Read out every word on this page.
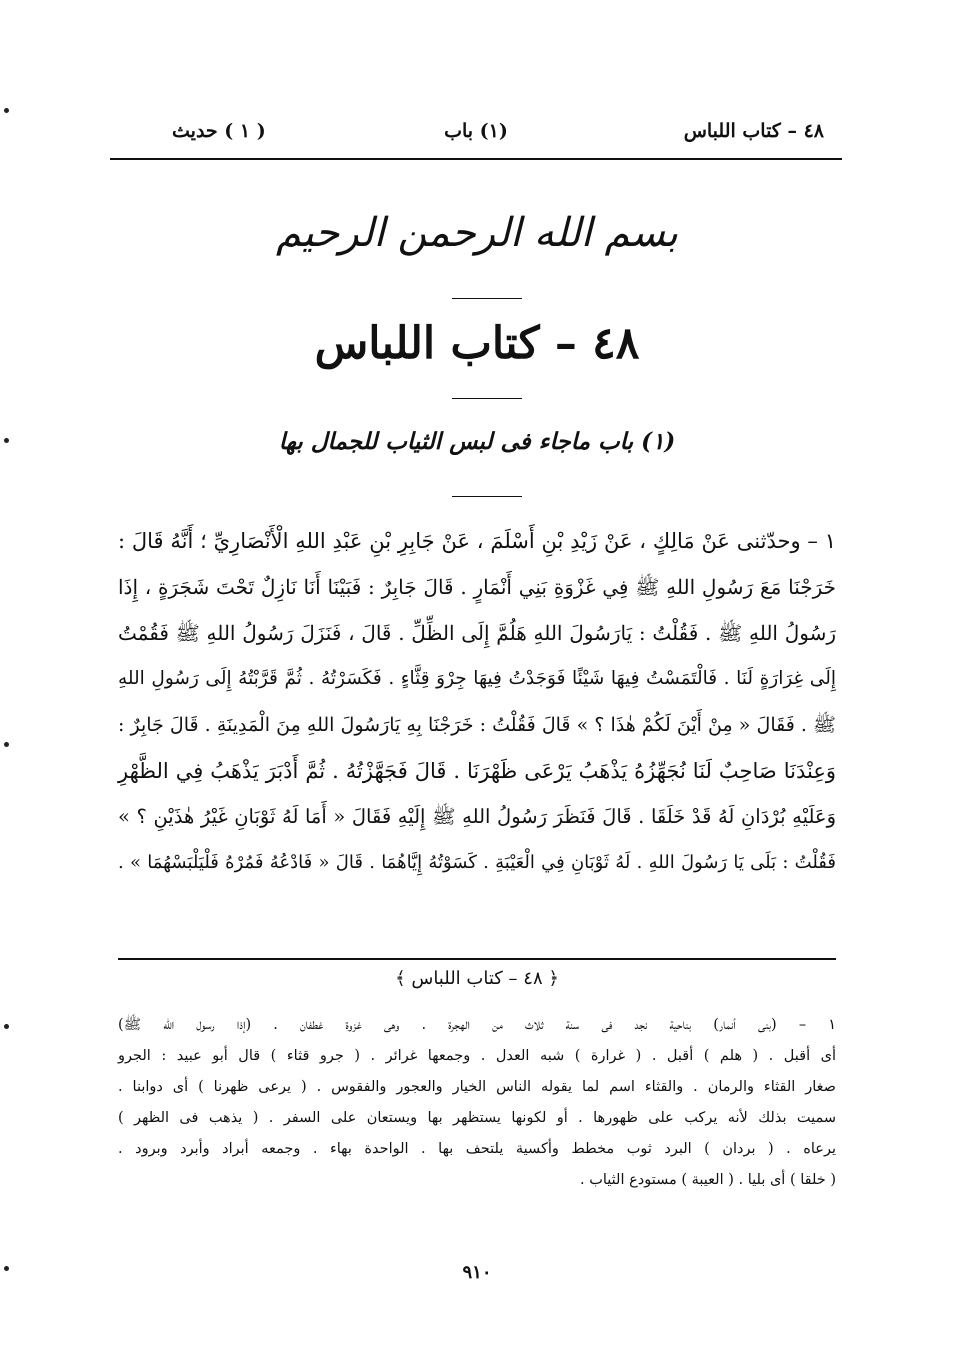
٤٨ – كتاب اللباس
(١) باب
( ١ ) حديث
بسم الله الرحمن الرحيم
٤٨ – كتاب اللباس
(١) باب ماجاء فى لبس الثياب للجمال بها
١ – وحدّثنى عَنْ مَالِكٍ ، عَنْ زَيْدِ بْنِ أَسْلَمَ ، عَنْ جَابِرِ بْنِ عَبْدِ اللهِ الْأَنْصَارِيِّ ؛ أَنَّهُ قَالَ :
خَرَجْنَا مَعَ رَسُولِ اللهِ ﷺ فِي غَزْوَةِ بَنِي أَنْمَارٍ . قَالَ جَابِرٌ : فَبَيْنَا أَنَا نَازِلٌ تَحْتَ شَجَرَةٍ ، إِذَا
رَسُولُ اللهِ ﷺ . فَقُلْتُ : يَارَسُولَ اللهِ هَلُمَّ إِلَى الظِّلِّ . قَالَ ، فَنَزَلَ رَسُولُ اللهِ ﷺ فَقُمْتُ
إِلَى غِرَارَةٍ لَنَا . فَالْتَمَسْتُ فِيهَا شَيْئًا فَوَجَدْتُ فِيهَا جِرْوَ قِثَّاءٍ . فَكَسَرْتُهُ . ثُمَّ قَرَّبْتُهُ إِلَى رَسُولِ اللهِ
ﷺ . فَقَالَ « مِنْ أَيْنَ لَكُمْ هٰذَا ؟ » قَالَ فَقُلْتُ : خَرَجْنَا بِهِ يَارَسُولَ اللهِ مِنَ الْمَدِينَةِ . قَالَ جَابِرٌ :
وَعِنْدَنَا صَاحِبٌ لَنَا نُجَهِّزُهُ يَذْهَبُ يَرْعَى ظَهْرَنَا . قَالَ فَجَهَّزْتُهُ . ثُمَّ أَدْبَرَ يَذْهَبُ فِي الظَّهْرِ
وَعَلَيْهِ بُرْدَانِ لَهُ قَدْ خَلَقَا . قَالَ فَنَظَرَ رَسُولُ اللهِ ﷺ إِلَيْهِ فَقَالَ « أَمَا لَهُ ثَوْبَانِ غَيْرُ هٰذَيْنِ ؟ »
فَقُلْتُ : بَلَى يَا رَسُولَ اللهِ . لَهُ ثَوْبَانِ فِي الْعَيْبَةِ . كَسَوْتُهُ إِيَّاهُمَا . قَالَ « فَادْعُهُ فَمُرْهُ فَلْيَلْبَسْهُمَا » .
﴿ ٤٨ – كتاب اللباس ﴾
١ – (بنى أنمار) بناحية نجد فى سنة ثلاث من الهجرة . وهى غزوة غطفان . (إذا رسول الله ﷺ)
أى أقبل . ( هلم ) أقبل . ( غرارة ) شبه العدل . وجمعها غرائر . ( جرو قثاء ) قال أبو عبيد : الجرو
صغار القثاء والرمان . والقثاء اسم لما يقوله الناس الخيار والعجور والفقوس . ( يرعى ظهرنا ) أى دوابنا .
سميت بذلك لأنه يركب على ظهورها . أو لكونها يستظهر بها ويستعان على السفر . ( يذهب فى الظهر )
يرعاه . ( بردان ) البرد ثوب مخطط وأكسية يلتحف بها . الواحدة بهاء . وجمعه أبراد وأبرد وبرود .
( خلقا ) أى بليا . ( العيبة ) مستودع الثياب .
٩١٠
